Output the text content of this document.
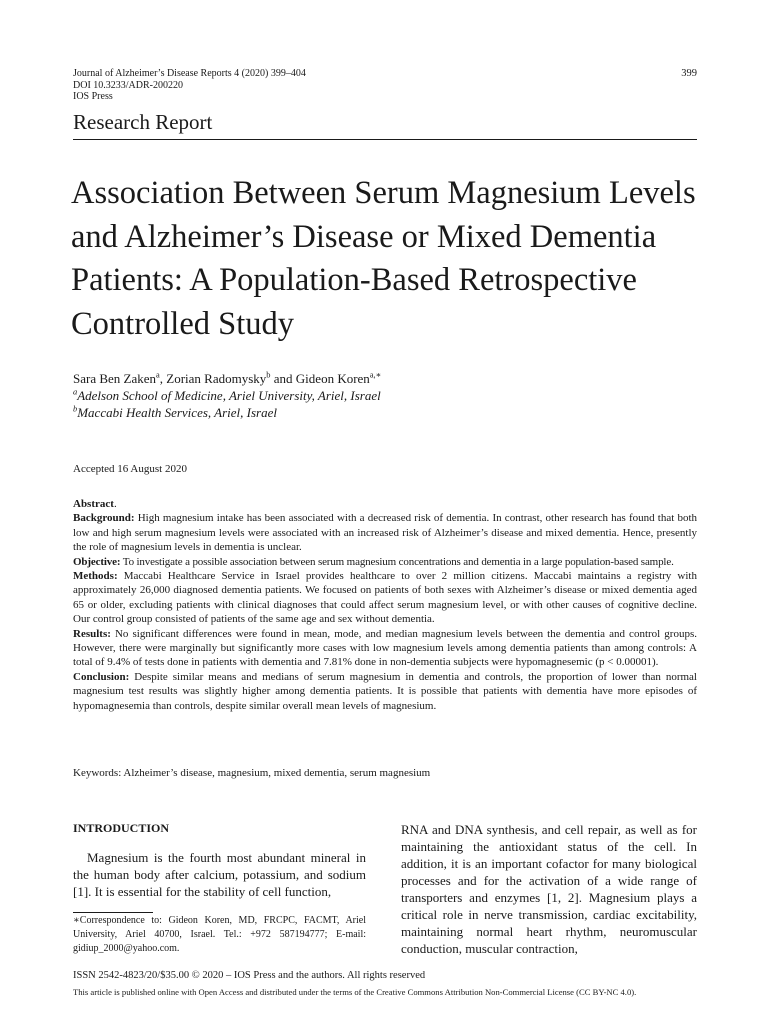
Journal of Alzheimer’s Disease Reports 4 (2020) 399–404
DOI 10.3233/ADR-200220
IOS Press
399
Research Report
Association Between Serum Magnesium Levels and Alzheimer’s Disease or Mixed Dementia Patients: A Population-Based Retrospective Controlled Study
Sara Ben Zaken$^a$, Zorian Radomysky$^b$ and Gideon Koren$^{a,∗}$
$^a$Adelson School of Medicine, Ariel University, Ariel, Israel
$^b$Maccabi Health Services, Ariel, Israel
Accepted 16 August 2020

Abstract.

Background: High magnesium intake has been associated with a decreased risk of dementia. In contrast, other research has found that both low and high serum magnesium levels were associated with an increased risk of Alzheimer’s disease and mixed dementia. Hence, presently the role of magnesium levels in dementia is unclear.

Objective: To investigate a possible association between serum magnesium concentrations and dementia in a large population-based sample.

Methods: Maccabi Healthcare Service in Israel provides healthcare to over 2 million citizens. Maccabi maintains a registry with approximately 26,000 diagnosed dementia patients. We focused on patients of both sexes with Alzheimer’s disease or mixed dementia aged 65 or older, excluding patients with clinical diagnoses that could affect serum magnesium level, or with other causes of cognitive decline. Our control group consisted of patients of the same age and sex without dementia.

Results: No significant differences were found in mean, mode, and median magnesium levels between the dementia and control groups. However, there were marginally but significantly more cases with low magnesium levels among dementia patients than among controls: A total of 9.4% of tests done in patients with dementia and 7.81% done in non-dementia subjects were hypomagnesemic (p < 0.00001).

Conclusion: Despite similar means and medians of serum magnesium in dementia and controls, the proportion of lower than normal magnesium test results was slightly higher among dementia patients. It is possible that patients with dementia have more episodes of hypomagnesemia than controls, despite similar overall mean levels of magnesium.

Keywords: Alzheimer’s disease, magnesium, mixed dementia, serum magnesium
INTRODUCTION
Magnesium is the fourth most abundant mineral in the human body after calcium, potassium, and sodium [1]. It is essential for the stability of cell function,
RNA and DNA synthesis, and cell repair, as well as for maintaining the antioxidant status of the cell. In addition, it is an important cofactor for many biological processes and for the activation of a wide range of transporters and enzymes [1, 2]. Magnesium plays a critical role in nerve transmission, cardiac excitability, maintaining normal heart rhythm, neuromuscular conduction, muscular contraction,
∗Correspondence to: Gideon Koren, MD, FRCPC, FACMT, Ariel University, Ariel 40700, Israel. Tel.: +972 587194777; E-mail: gidiup_2000@yahoo.com.
ISSN 2542-4823/20/$35.00 © 2020 – IOS Press and the authors. All rights reserved
This article is published online with Open Access and distributed under the terms of the Creative Commons Attribution Non-Commercial License (CC BY-NC 4.0).
